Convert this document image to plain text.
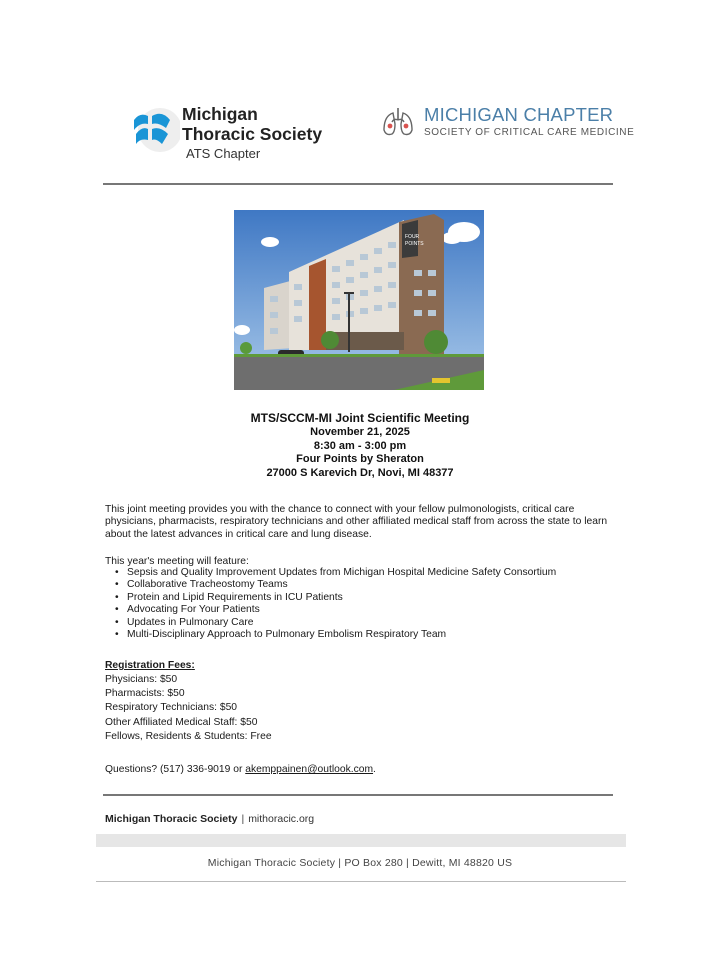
Michigan
Thoracic Society
ATS Chapter
MICHIGAN CHAPTER
SOCIETY OF CRITICAL CARE MEDICINE
FOUR
POINTS
MTS/SCCM-MI Joint Scientific Meeting
November 21, 2025
8:30 am - 3:00 pm
Four Points by Sheraton
27000 S Karevich Dr, Novi, MI 48377
This joint meeting provides you with the chance to connect with your fellow pulmonologists, critical care physicians, pharmacists, respiratory technicians and other affiliated medical staff from across the state to learn about the latest advances in critical care and lung disease.
This year's meeting will feature:
• Sepsis and Quality Improvement Updates from Michigan Hospital Medicine Safety Consortium
• Collaborative Tracheostomy Teams
• Protein and Lipid Requirements in ICU Patients
• Advocating For Your Patients
• Updates in Pulmonary Care
• Multi-Disciplinary Approach to Pulmonary Embolism Respiratory Team
Registration Fees:
Physicians: $50
Pharmacists: $50
Respiratory Technicians: $50
Other Affiliated Medical Staff: $50
Fellows, Residents & Students: Free
Questions? (517) 336-9019 or akemppainen@outlook.com.
Michigan Thoracic Society | mithoracic.org
Michigan Thoracic Society | PO Box 280 | Dewitt, MI 48820 US
